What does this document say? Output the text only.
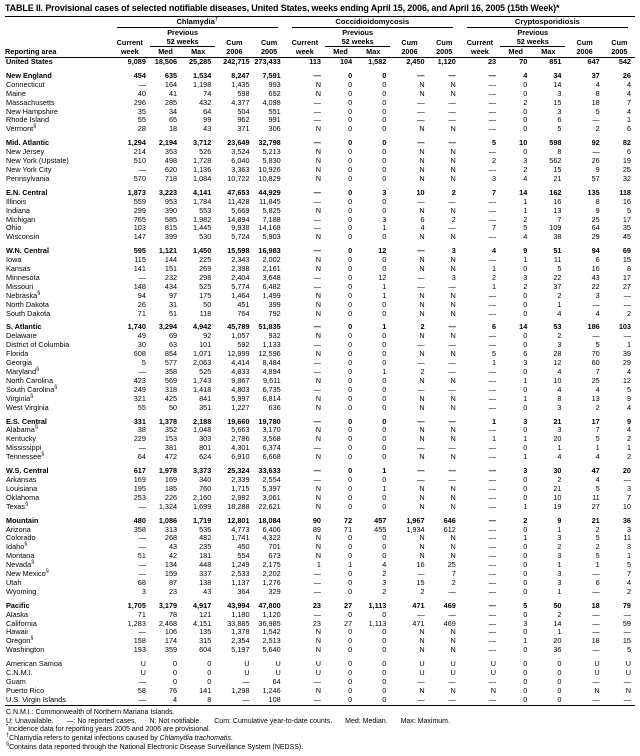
TABLE II. Provisional cases of selected notifiable diseases, United States, weeks ending April 15, 2006, and April 16, 2005 (15th Week)*
Reporting area	Chlamydia†					Coccidioidomycosis					Cryptosporidiosis				

		Previous					Previous					Previous			
	Current	52 weeks		Cum	Cum	Current	52 weeks		Cum	Cum	Current	52 weeks		Cum	Cum
	week	Med	Max	2006	2005	week	Med	Max	2006	2005	week	Med	Max	2006	2005
United States	9,089	18,506	25,285	242,715	273,433	113	104	1,582	2,450	1,120	23	70	851	647	542
New England	454	635	1,534	8,247	7,591	—	0	0	—	—	—	4	34	37	26
Connecticut	—	164	1,198	1,435	993	N	0	0	N	N	—	0	14	4	4
Maine	40	41	74	598	652	N	0	0	N	N	—	0	3	8	4
Massachusetts	296	285	432	4,377	4,098	—	0	0	—	—	—	2	15	18	7
New Hampshire	35	34	64	504	551	—	0	0	—	—	—	0	3	5	4
Rhode Island	55	65	99	962	991	—	0	0	—	—	—	0	6	—	1
Vermont§	28	18	43	371	306	N	0	0	N	N	—	0	5	2	6
Mid. Atlantic	1,294	2,194	3,712	23,649	32,798	—	0	0	—	—	5	10	598	92	82
New Jersey	214	353	526	3,524	5,213	N	0	0	N	N	—	0	8	—	6
New York (Upstate)	510	498	1,728	6,040	5,830	N	0	0	N	N	2	3	562	26	19
New York City	—	620	1,136	3,363	10,926	N	0	0	N	N	—	2	15	9	25
Pennsylvania	570	718	1,084	10,722	10,829	N	0	0	N	N	3	4	21	57	32
E.N. Central	1,873	3,223	4,141	47,653	44,929	—	0	3	10	2	7	14	162	135	118
Illinois	559	953	1,784	11,428	11,845	—	0	0	—	—	—	1	16	8	16
Indiana	299	390	553	5,669	5,825	N	0	0	N	N	—	1	13	9	5
Michigan	765	585	1,982	14,894	7,188	—	0	3	6	2	—	2	7	25	17
Ohio	103	815	1,445	9,938	14,168	—	0	1	4	—	7	5	109	64	35
Wisconsin	147	399	530	5,724	5,903	N	0	0	N	N	—	4	38	29	45
W.N. Central	595	1,121	1,450	15,598	16,983	—	0	12	—	3	4	9	51	94	69
Iowa	115	144	225	2,343	2,002	N	0	0	N	N	—	1	11	6	15
Kansas	141	151	269	2,398	2,161	N	0	0	N	N	1	0	5	16	8
Minnesota	—	232	298	2,404	3,648	—	0	12	—	3	2	3	22	43	17
Missouri	148	434	525	5,774	6,482	—	0	1	—	—	1	2	37	22	27
Nebraska§	94	97	175	1,464	1,499	N	0	1	N	N	—	0	2	3	—
North Dakota	26	31	50	451	399	N	0	0	N	N	—	0	1	—	—
South Dakota	71	51	118	764	792	N	0	0	N	N	—	0	4	4	2
S. Atlantic	1,740	3,294	4,942	45,789	51,835	—	0	1	2	—	6	14	53	186	103
Delaware	49	69	92	1,057	932	N	0	0	N	N	—	0	2	—	—
District of Columbia	30	63	101	592	1,133	—	0	0	—	—	—	0	3	5	1
Florida	608	854	1,071	12,999	12,596	N	0	0	N	N	5	6	28	70	39
Georgia	5	577	2,063	4,414	8,484	—	0	0	—	—	1	3	12	60	29
Maryland§	—	358	525	4,833	4,894	—	0	1	2	—	—	0	4	7	4
North Carolina	423	569	1,743	9,867	9,611	N	0	0	N	N	—	1	10	25	12
South Carolina§	249	318	1,418	4,803	6,735	—	0	0	—	—	—	0	4	4	5
Virginia§	321	425	841	5,997	6,814	N	0	0	N	N	—	1	8	13	9
West Virginia	55	50	351	1,227	636	N	0	0	N	N	—	0	3	2	4
E.S. Central	331	1,378	2,188	19,660	19,780	—	0	0	—	—	1	3	21	17	9
Alabama§	38	352	1,048	5,663	3,170	N	0	0	N	N	—	0	3	7	4
Kentucky	229	153	303	2,786	3,568	N	0	0	N	N	1	1	20	5	2
Mississippi	—	381	801	4,301	6,374	—	0	0	—	—	—	0	1	1	1
Tennessee§	64	472	624	6,910	6,668	N	0	0	N	N	—	1	4	4	2
W.S. Central	617	1,978	3,373	25,324	33,633	—	0	1	—	—	—	3	30	47	20
Arkansas	169	169	340	2,339	2,554	—	0	0	—	—	—	0	2	4	—
Louisiana	195	185	760	1,715	5,397	N	0	1	N	N	—	0	21	5	3
Oklahoma	253	226	2,160	2,982	3,061	N	0	0	N	N	—	0	10	11	7
Texas§	—	1,324	1,699	18,288	22,621	N	0	0	N	N	—	1	19	27	10
Mountain	480	1,086	1,719	12,801	18,084	90	72	457	1,967	646	—	2	9	21	36
Arizona	358	313	536	4,773	6,406	89	71	455	1,934	612	—	0	1	2	3
Colorado	—	268	482	1,741	4,322	N	0	0	N	N	—	1	3	5	11
Idaho§	—	43	235	450	701	N	0	0	N	N	—	0	2	2	3
Montana	51	42	181	554	673	N	0	0	N	N	—	0	3	5	1
Nevada§	—	134	448	1,249	2,175	1	1	4	16	25	—	0	1	1	5
New Mexico§	—	159	337	2,533	2,202	—	0	2	—	7	—	0	3	—	7
Utah	68	87	138	1,137	1,276	—	0	3	15	2	—	0	3	6	4
Wyoming	3	23	43	364	329	—	0	2	2	—	—	0	1	—	2
Pacific	1,705	3,179	4,917	43,994	47,800	23	27	1,113	471	469	—	5	50	18	79
Alaska	71	78	121	1,180	1,120	—	0	0	—	—	—	0	2	—	—
California	1,283	2,468	4,151	33,885	36,985	23	27	1,113	471	469	—	3	14	—	59
Hawaii	—	106	135	1,378	1,542	N	0	0	N	N	—	0	1	—	—
Oregon§	158	174	315	2,354	2,513	N	0	0	N	N	—	1	20	18	15
Washington	193	359	604	5,197	5,640	N	0	0	N	N	—	0	36	—	5
American Samoa	U	0	0	U	U	U	0	0	U	U	U	0	0	U	U
C.N.M.I.	U	0	0	U	U	U	0	0	U	U	U	0	0	U	U
Guam	—	0	0	—	64	—	0	0	—	—	—	0	0	—	—
Puerto Rico	58	76	141	1,298	1,246	N	0	0	N	N	N	0	0	N	N
U.S. Virgin Islands	—	4	8	—	108	—	0	0	—	—	—	0	0	—	—
C.N.M.I.: Commonwealth of Northern Mariana Islands.
U: Unavailable. —: No reported cases. N: Not notifiable. Cum: Cumulative year-to-date counts. Med: Median. Max: Maximum.
*Incidence data for reporting years 2005 and 2006 are provisional.
†Chlamydia refers to genital infections caused by Chlamydia trachomatis.
§Contains data reported through the National Electronic Disease Surveillance System (NEDSS).
